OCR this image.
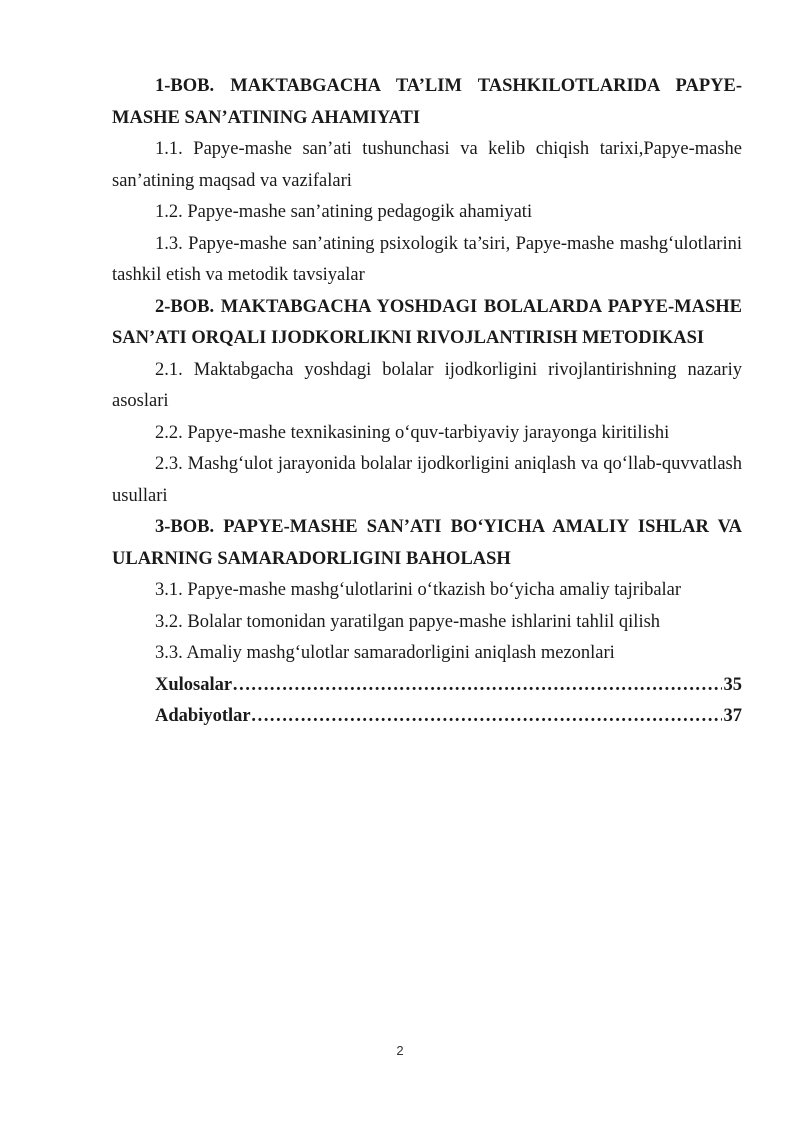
1-BOB. MAKTABGACHA TA’LIM TASHKILOTLARIDA PAPYE-MASHE SAN’ATINING AHAMIYATI

1.1. Papye-mashe san’ati tushunchasi va kelib chiqish tarixi,Papye-mashe san’atining maqsad va vazifalari

1.2. Papye-mashe san’atining pedagogik ahamiyati

1.3. Papye-mashe san’atining psixologik ta’siri, Papye-mashe mashg‘ulotlarini tashkil etish va metodik tavsiyalar

2-BOB. MAKTABGACHA YOSHDAGI BOLALARDA PAPYE-MASHE SAN’ATI ORQALI IJODKORLIKNI RIVOJLANTIRISH METODIKASI

2.1. Maktabgacha yoshdagi bolalar ijodkorligini rivojlantirishning nazariy asoslari

2.2. Papye-mashe texnikasining o‘quv-tarbiyaviy jarayonga kiritilishi

2.3. Mashg‘ulot jarayonida bolalar ijodkorligini aniqlash va qo‘llab-quvvatlash usullari

3-BOB. PAPYE-MASHE SAN’ATI BO‘YICHA AMALIY ISHLAR VA ULARNING SAMARADORLIGINI BAHOLASH

3.1. Papye-mashe mashg‘ulotlarini o‘tkazish bo‘yicha amaliy tajribalar

3.2. Bolalar tomonidan yaratilgan papye-mashe ishlarini tahlil qilish

3.3. Amaliy mashg‘ulotlar samaradorligini aniqlash mezonlari

Xulosalar …………………………………………………………………………………………………………………………	35
Adabiyotlar …………………………………………………………………………………………………………………………	37
2
